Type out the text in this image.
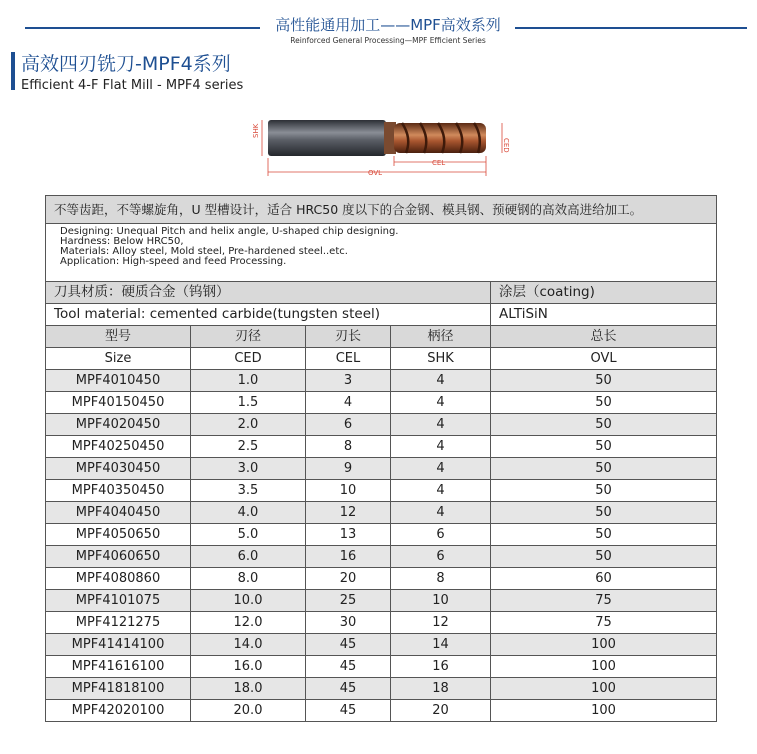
高性能通用加工——MPF高效系列
Reinforced General Processing—MPF Efficient Series
高效四刃铣刀-MPF4系列
Efficient 4-F Flat Mill - MPF4 series
SHK
CED
CEL
OVL
不等齿距，不等螺旋角，U 型槽设计，适合 HRC50 度以下的合金钢、模具钢、预硬钢的高效高进给加工。				

Designing: Unequal Pitch and helix angle, U-shaped chip designing.
Hardness: Below HRC50,
Materials: Alloy steel, Mold steel, Pre-hardened steel..etc.
Application: High-speed and feed Processing.				

刀具材质：硬质合金（钨钢）				涂层（coating)
Tool material: cemented carbide(tungsten steel)				ALTiSiN
型号	刃径	刃长	柄径	总长
Size	CED	CEL	SHK	OVL
MPF4010450	1.0	3	4	50
MPF40150450	1.5	4	4	50
MPF4020450	2.0	6	4	50
MPF40250450	2.5	8	4	50
MPF4030450	3.0	9	4	50
MPF40350450	3.5	10	4	50
MPF4040450	4.0	12	4	50
MPF4050650	5.0	13	6	50
MPF4060650	6.0	16	6	50
MPF4080860	8.0	20	8	60
MPF4101075	10.0	25	10	75
MPF4121275	12.0	30	12	75
MPF41414100	14.0	45	14	100
MPF41616100	16.0	45	16	100
MPF41818100	18.0	45	18	100
MPF42020100	20.0	45	20	100
